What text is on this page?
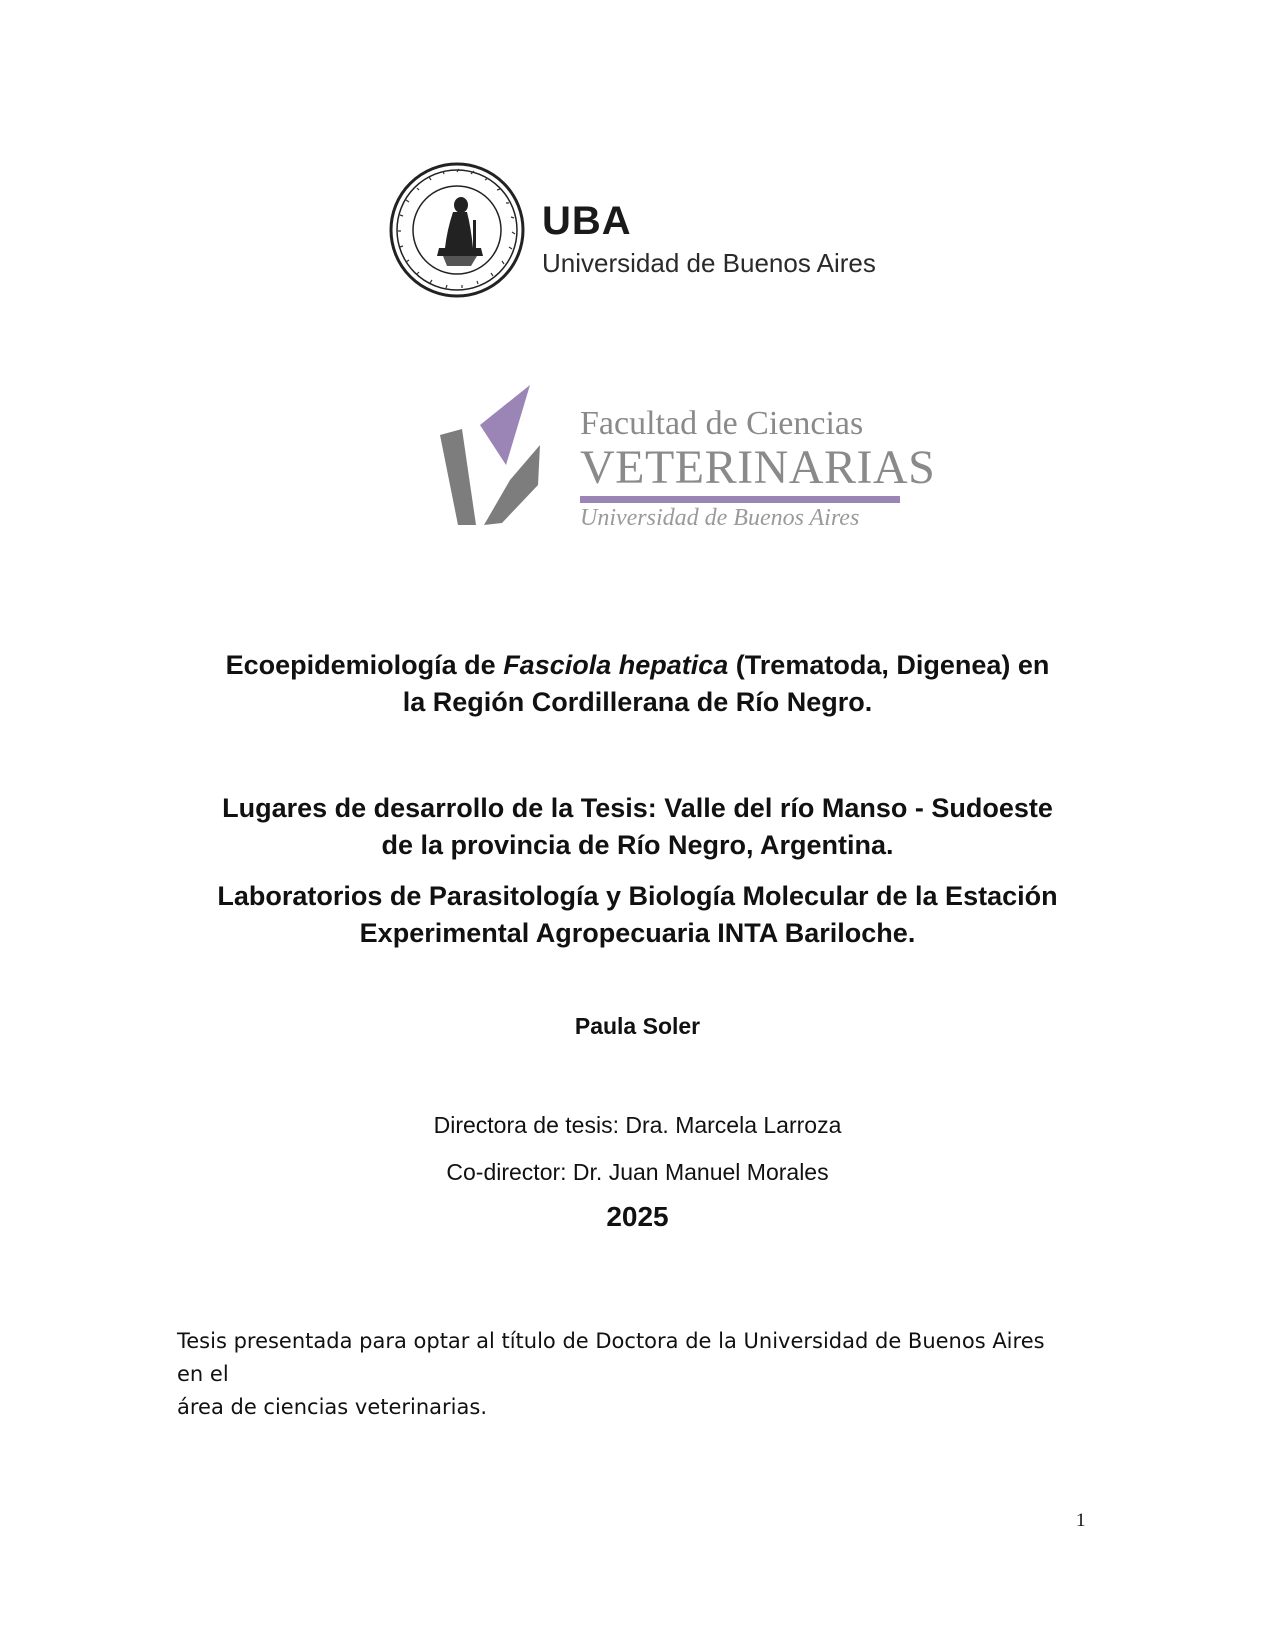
UBA
Universidad de Buenos Aires
Facultad de Ciencias
VETERINARIAS
Universidad de Buenos Aires

Ecoepidemiología de Fasciola hepatica (Trematoda, Digenea) en

la Región Cordillerana de Río Negro.

Lugares de desarrollo de la Tesis: Valle del río Manso - Sudoeste

de la provincia de Río Negro, Argentina.

Laboratorios de Parasitología y Biología Molecular de la Estación

Experimental Agropecuaria INTA Bariloche.

Paula Soler
Directora de tesis: Dra. Marcela Larroza
Co-director: Dr. Juan Manuel Morales
2025
Tesis presentada para optar al título de Doctora de la Universidad de Buenos Aires en el
área de ciencias veterinarias.
1
